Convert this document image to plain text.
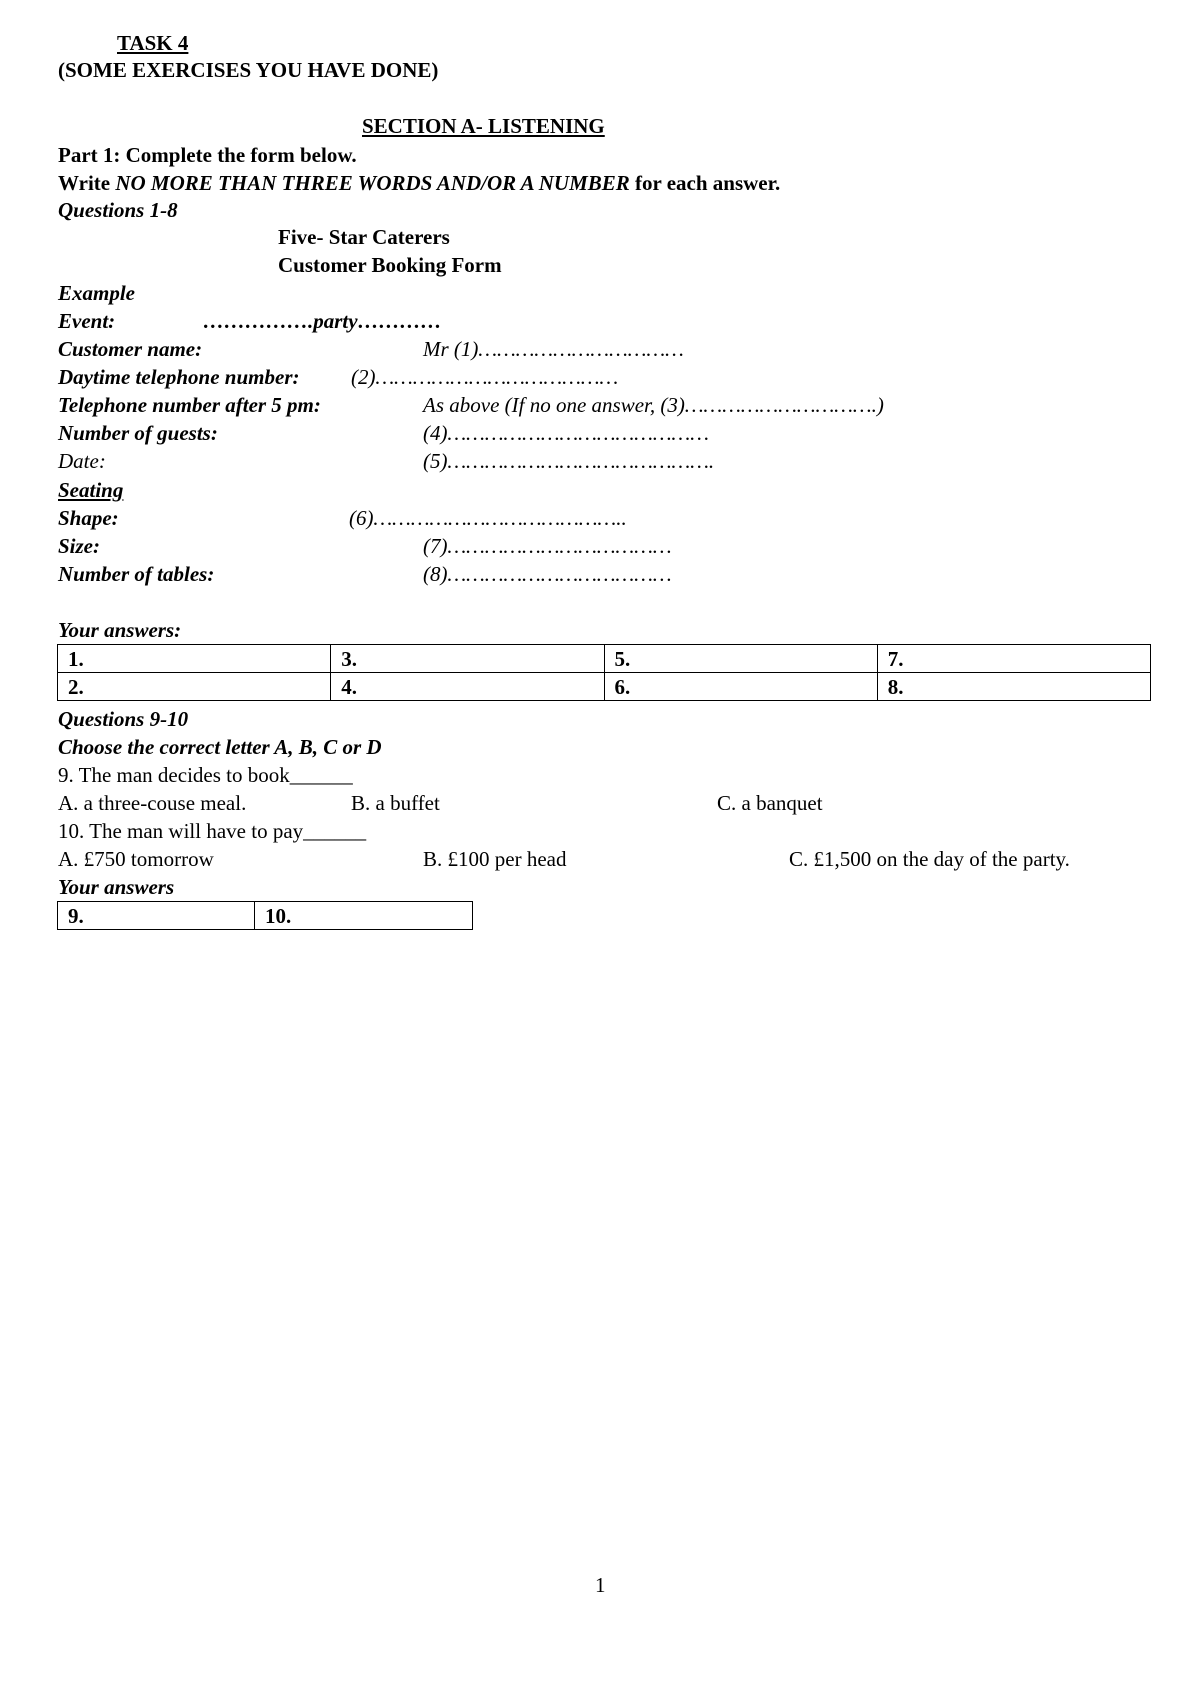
TASK 4
(SOME EXERCISES YOU HAVE DONE)
SECTION A- LISTENING
Part 1: Complete the form below.
Write NO MORE THAN THREE WORDS AND/OR A NUMBER for each answer.
Questions 1-8
Five- Star Caterers
Customer Booking Form
Example
Event:	…………….party…………
Customer name:	Mr (1)……………………………
Daytime telephone number: (2)…………………………………
Telephone number after 5 pm:	As above (If no one answer, (3)………………………….)
Number of guests:	(4)……………………………………
Date:	(5)…………………………………….
Seating
Shape:	(6)…………………………………..
Size:	(7)………………………………
Number of tables:	(8)………………………………
Your answers:
1.	3.	5.	7.
2.	4.	6.	8.
Questions 9-10
Choose the correct letter A, B, C or D
9. The man decides to book______
A. a three-couse meal.	B. a buffet	C. a banquet
10. The man will have to pay______
A. £750 tomorrow	B. £100 per head	C. £1,500 on the day of the party.
Your answers
9.	10.
1
